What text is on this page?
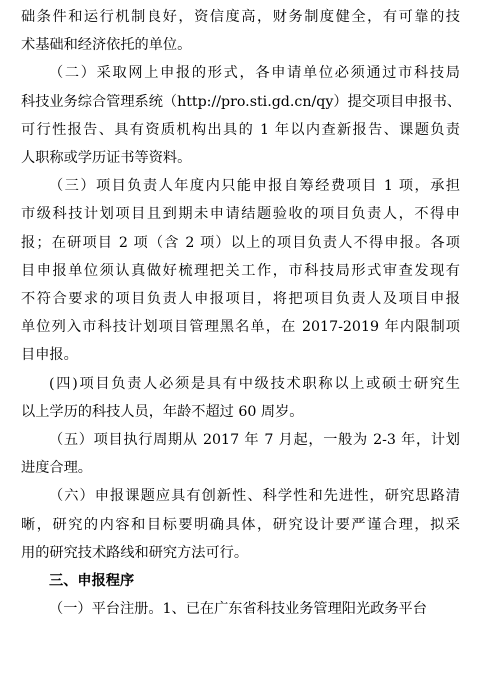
础条件和运行机制良好，资信度高，财务制度健全，有可靠的技

术基础和经济依托的单位。

（二）采取网上申报的形式，各申请单位必须通过市科技局

科技业务综合管理系统（http://pro.sti.gd.cn/qy）提交项目申报书、

可行性报告、具有资质机构出具的 1 年以内查新报告、课题负责

人职称或学历证书等资料。

（三）项目负责人年度内只能申报自筹经费项目 1 项，承担

市级科技计划项目且到期未申请结题验收的项目负责人，不得申

报；在研项目 2 项（含 2 项）以上的项目负责人不得申报。各项

目申报单位须认真做好梳理把关工作，市科技局形式审查发现有

不符合要求的项目负责人申报项目，将把项目负责人及项目申报

单位列入市科技计划项目管理黑名单，在 2017-2019 年内限制项

目申报。

(四)项目负责人必须是具有中级技术职称以上或硕士研究生

以上学历的科技人员，年龄不超过 60 周岁。

（五）项目执行周期从 2017 年 7 月起，一般为 2-3 年，计划

进度合理。

（六）申报课题应具有创新性、科学性和先进性，研究思路清

晰，研究的内容和目标要明确具体，研究设计要严谨合理，拟采

用的研究技术路线和研究方法可行。

三、申报程序

（一）平台注册。1、已在广东省科技业务管理阳光政务平台
